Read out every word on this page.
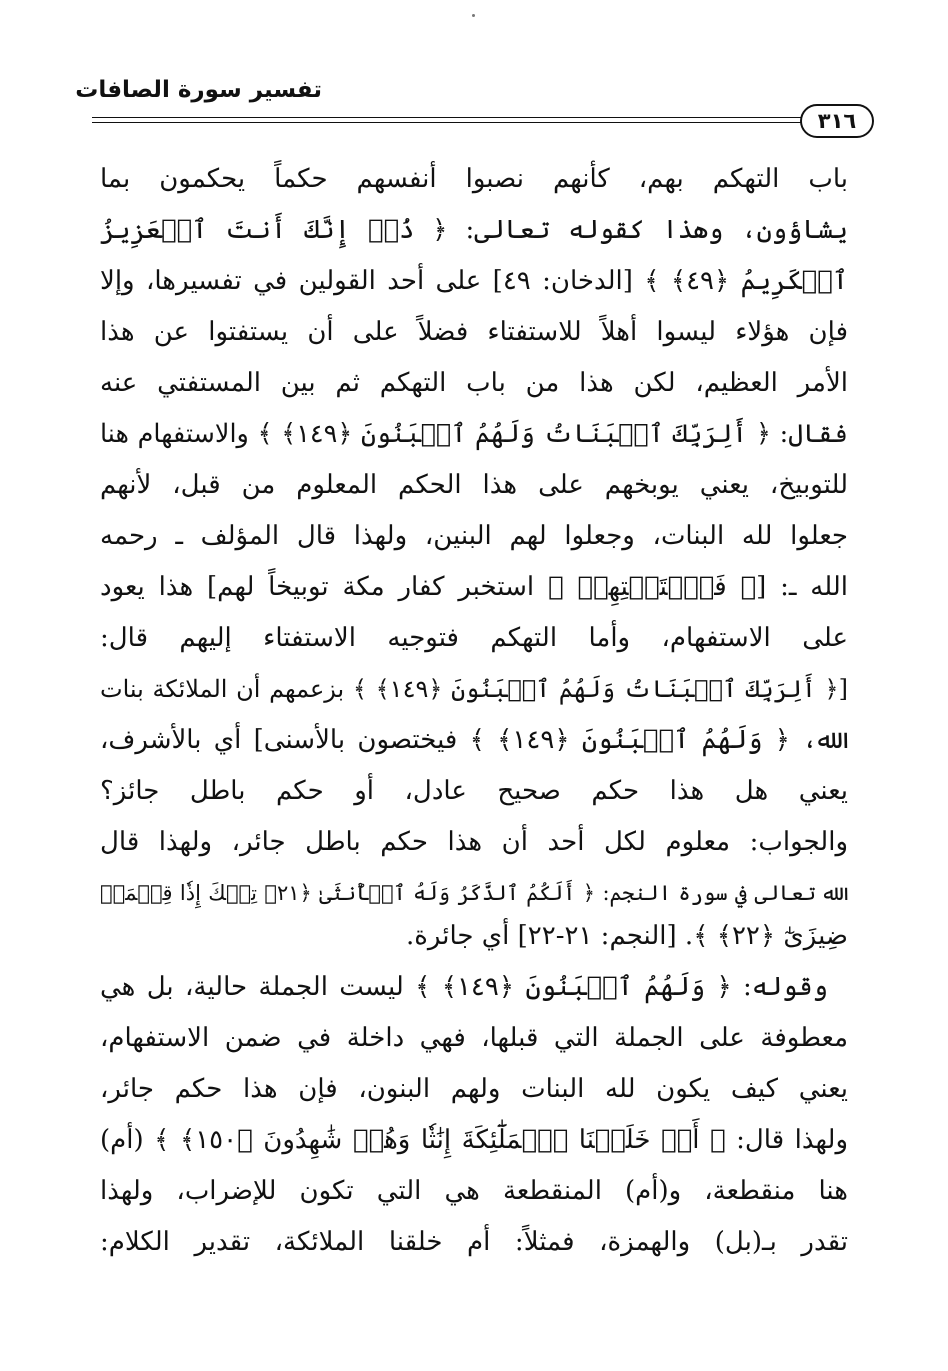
تفسير سورة الصافات
٣١٦
باب التهكم بهم، كأنهم نصبوا أنفسهم حكماً يحكمون بما
يشاؤون، وهذا كقوله تعالى: ﴿ ذُقۡ إِنَّكَ أَنتَ ٱلۡعَزِيزُ
ٱلۡكَرِيمُ ﴿٤٩﴾ ﴾ [الدخان: ٤٩] على أحد القولين في تفسيرها، وإلا
فإن هؤلاء ليسوا أهلاً للاستفتاء فضلاً على أن يستفتوا عن هذا
الأمر العظيم، لكن هذا من باب التهكم ثم بين المستفتي عنه
فقال: ﴿ أَلِرَبِّكَ ٱلۡبَنَاتُ وَلَهُمُ ٱلۡبَنُونَ ﴿١٤٩﴾ ﴾ والاستفهام هنا
للتوبيخ، يعني يوبخهم على هذا الحكم المعلوم من قبل، لأنهم
جعلوا لله البنات، وجعلوا لهم البنين، ولهذا قال المؤلف ـ رحمه
الله ـ: [﴿ فَٱسۡتَفۡتِهِمۡ ﴾ استخبر كفار مكة توبيخاً لهم] هذا يعود
على الاستفهام، وأما التهكم فتوجيه الاستفتاء إليهم قال:
[﴿ أَلِرَبِّكَ ٱلۡبَنَاتُ وَلَهُمُ ٱلۡبَنُونَ ﴿١٤٩﴾ ﴾ بزعمهم أن الملائكة بنات
الله، ﴿ وَلَهُمُ ٱلۡبَنُونَ ﴿١٤٩﴾ ﴾ فيختصون بالأسنى] أي بالأشرف،
يعني هل هذا حكم صحيح عادل، أو حكم باطل جائز؟
والجواب: معلوم لكل أحد أن هذا حكم باطل جائر، ولهذا قال
الله تعالى في سورة النجم: ﴿ أَلَكُمُ ٱلذَّكَرُ وَلَهُ ٱلۡأُنثَىٰ ﴿٢١﴾ تِلۡكَ إِذٗا قِسۡمَةٞ
ضِيزَىٰٓ ﴿٢٢﴾ ﴾. [النجم: ٢١-٢٢] أي جائرة.
وقوله: ﴿ وَلَهُمُ ٱلۡبَنُونَ ﴿١٤٩﴾ ﴾ ليست الجملة حالية، بل هي
معطوفة على الجملة التي قبلها، فهي داخلة في ضمن الاستفهام،
يعني كيف يكون لله البنات ولهم البنون، فإن هذا حكم جائر،
ولهذا قال: ﴿ أَمۡ خَلَقۡنَا ٱلۡمَلَٰٓئِكَةَ إِنَٰثٗا وَهُمۡ شَٰهِدُونَ ﴿١٥٠﴾ ﴾ (أم)
هنا منقطعة، و(أم) المنقطعة هي التي تكون للإضراب، ولهذا
تقدر بـ(بل) والهمزة، فمثلاً: أم خلقنا الملائكة، تقدير الكلام:
